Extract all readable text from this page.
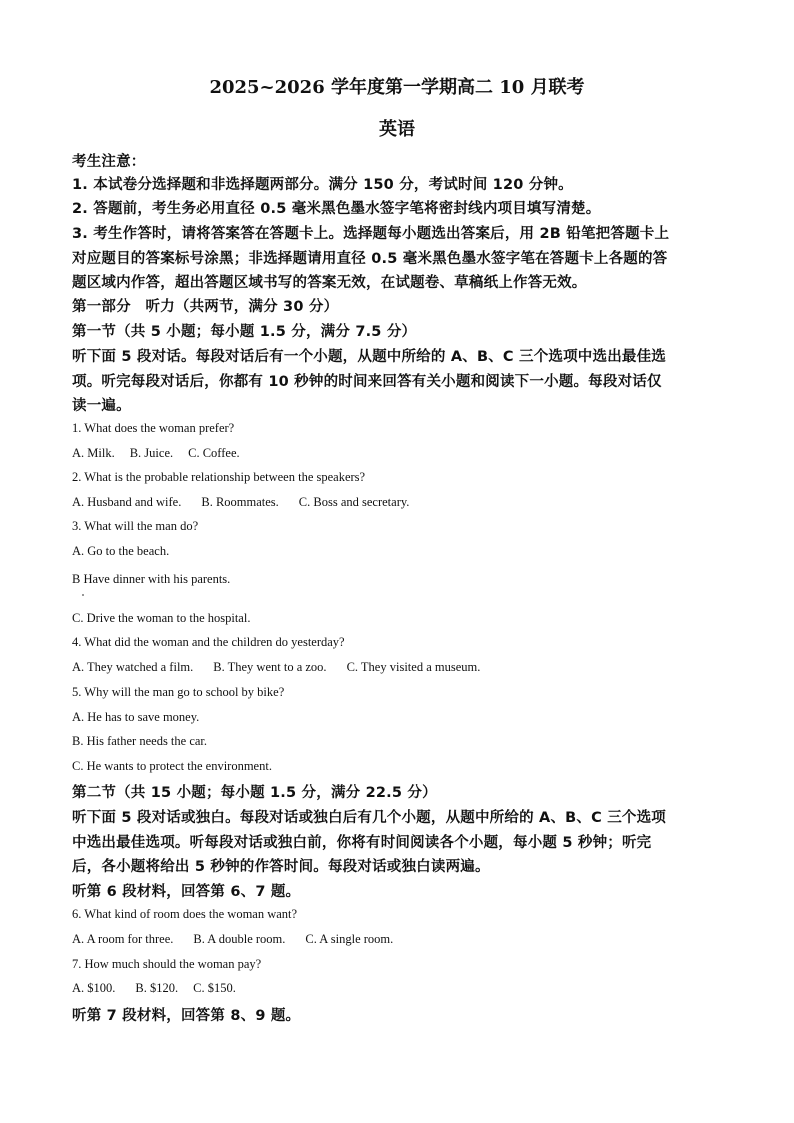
2025~2026 学年度第一学期高二 10 月联考
英语
考生注意：
1. 本试卷分选择题和非选择题两部分。满分 150 分，考试时间 120 分钟。
2. 答题前，考生务必用直径 0.5 毫米黑色墨水签字笔将密封线内项目填写清楚。
3. 考生作答时，请将答案答在答题卡上。选择题每小题选出答案后，用 2B 铅笔把答题卡上
对应题目的答案标号涂黑；非选择题请用直径 0.5 毫米黑色墨水签字笔在答题卡上各题的答
题区域内作答，超出答题区域书写的答案无效，在试题卷、草稿纸上作答无效。
第一部分　听力（共两节，满分 30 分）
第一节（共 5 小题；每小题 1.5 分，满分 7.5 分）
听下面 5 段对话。每段对话后有一个小题，从题中所给的 A、B、C 三个选项中选出最佳选
项。听完每段对话后，你都有 10 秒钟的时间来回答有关小题和阅读下一小题。每段对话仅
读一遍。
1. What does the woman prefer?
A. Milk. B. Juice. C. Coffee.
2. What is the probable relationship between the speakers?
A. Husband and wife. B. Roommates. C. Boss and secretary.
3. What will the man do?
A. Go to the beach.
B Have dinner with his parents.
C. Drive the woman to the hospital.
4. What did the woman and the children do yesterday?
A. They watched a film. B. They went to a zoo. C. They visited a museum.
5. Why will the man go to school by bike?
A. He has to save money.
B. His father needs the car.
C. He wants to protect the environment.
第二节（共 15 小题；每小题 1.5 分，满分 22.5 分）
听下面 5 段对话或独白。每段对话或独白后有几个小题，从题中所给的 A、B、C 三个选项
中选出最佳选项。听每段对话或独白前，你将有时间阅读各个小题，每小题 5 秒钟；听完
后，各小题将给出 5 秒钟的作答时间。每段对话或独白读两遍。
听第 6 段材料，回答第 6、7 题。
6. What kind of room does the woman want?
A. A room for three. B. A double room. C. A single room.
7. How much should the woman pay?
A. $100. B. $120. C. $150.
听第 7 段材料，回答第 8、9 题。
